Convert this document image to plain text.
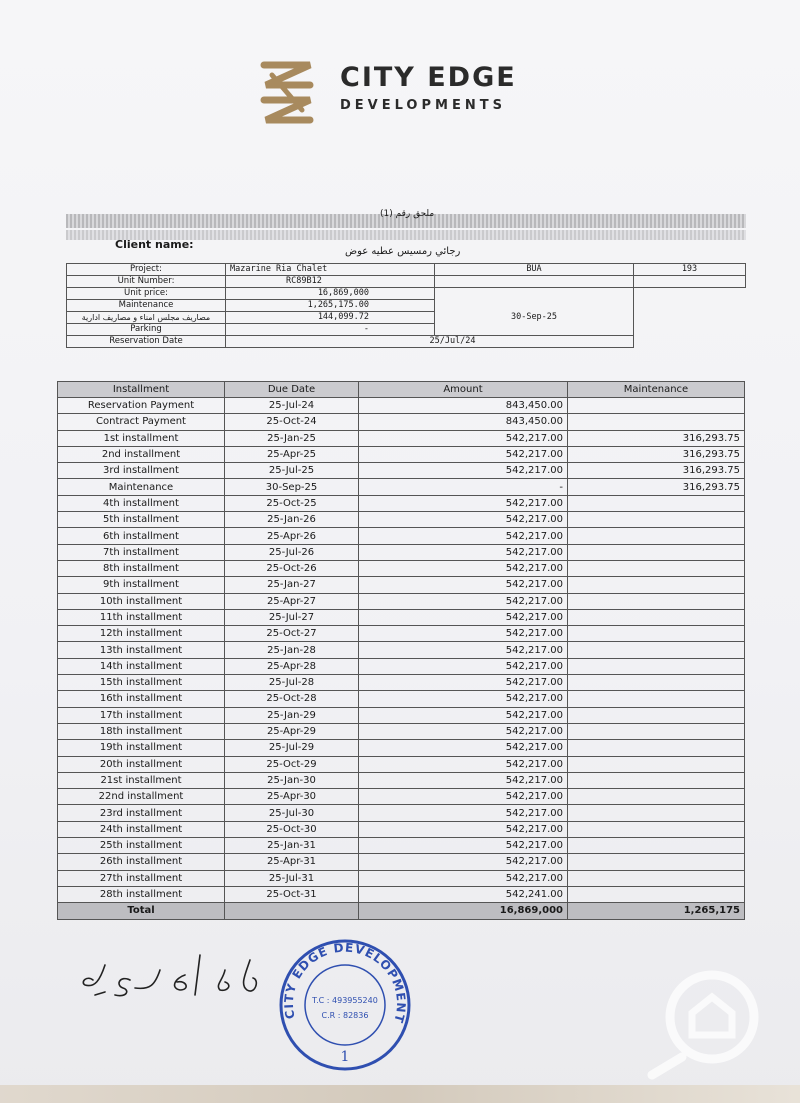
CITY EDGE
DEVELOPMENTS
ملحق رقم (1)
Client name:
رجائي رمسيس عطيه عوض
Project:	Mazarine Ria Chalet	BUA	193
Unit Number:	RC89B12		
Unit price:	16,869,000		
Maintenance	1,265,175.00		
مصاريف مجلس امناء و مصاريف ادارية	144,099.72	30-Sep-25	
Parking	-		
Reservation Date	25/Jul/24		
Installment	Due Date	Amount	Maintenance
Reservation Payment	25-Jul-24	843,450.00	
Contract Payment	25-Oct-24	843,450.00	
1st installment	25-Jan-25	542,217.00	316,293.75
2nd installment	25-Apr-25	542,217.00	316,293.75
3rd installment	25-Jul-25	542,217.00	316,293.75
Maintenance	30-Sep-25	-	316,293.75
4th installment	25-Oct-25	542,217.00	
5th installment	25-Jan-26	542,217.00	
6th installment	25-Apr-26	542,217.00	
7th installment	25-Jul-26	542,217.00	
8th installment	25-Oct-26	542,217.00	
9th installment	25-Jan-27	542,217.00	
10th installment	25-Apr-27	542,217.00	
11th installment	25-Jul-27	542,217.00	
12th installment	25-Oct-27	542,217.00	
13th installment	25-Jan-28	542,217.00	
14th installment	25-Apr-28	542,217.00	
15th installment	25-Jul-28	542,217.00	
16th installment	25-Oct-28	542,217.00	
17th installment	25-Jan-29	542,217.00	
18th installment	25-Apr-29	542,217.00	
19th installment	25-Jul-29	542,217.00	
20th installment	25-Oct-29	542,217.00	
21st installment	25-Jan-30	542,217.00	
22nd installment	25-Apr-30	542,217.00	
23rd installment	25-Jul-30	542,217.00	
24th installment	25-Oct-30	542,217.00	
25th installment	25-Jan-31	542,217.00	
26th installment	25-Apr-31	542,217.00	
27th installment	25-Jul-31	542,217.00	
28th installment	25-Oct-31	542,241.00	
Total		16,869,000	1,265,175
CITY EDGE DEVELOPMENT
T.C : 493955240
C.R : 82836
1
